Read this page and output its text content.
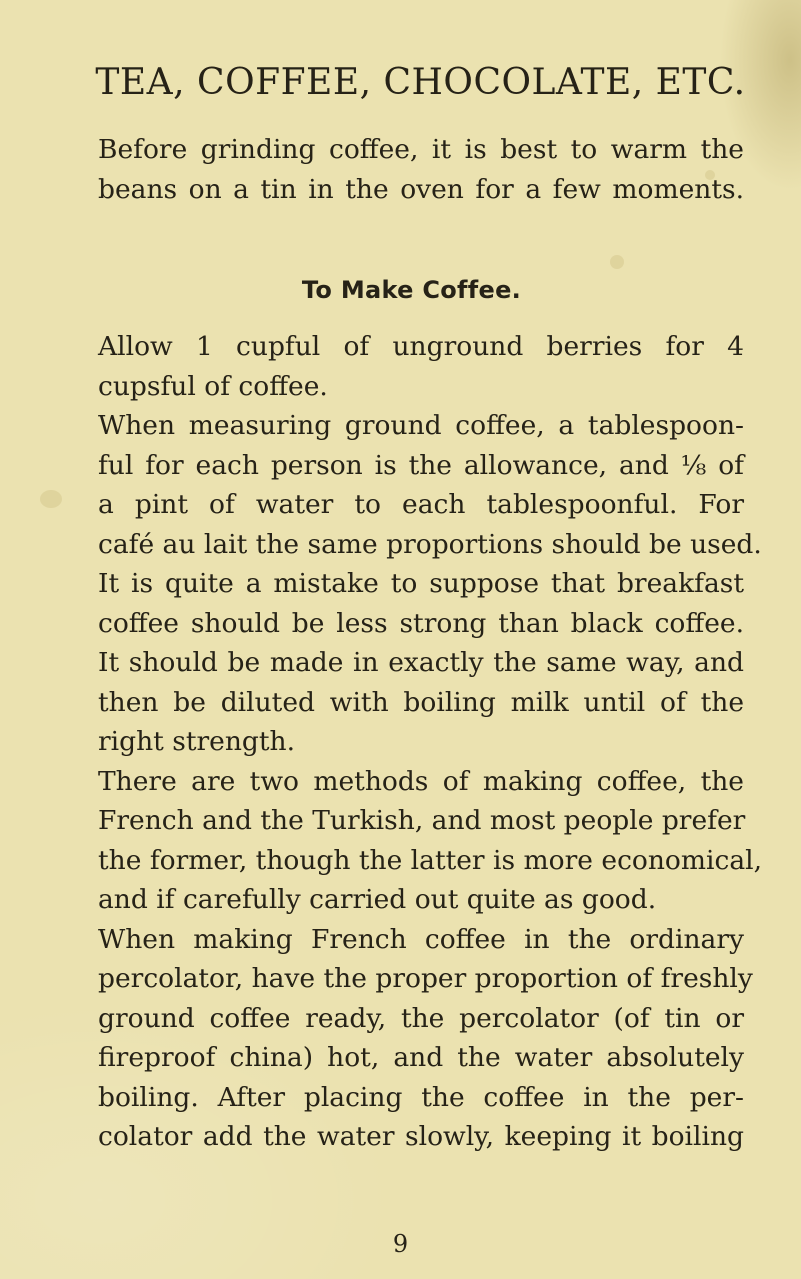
TEA, COFFEE, CHOCOLATE, ETC.

Before grinding coffee, it is best to warm the
beans on a tin in the oven for a few moments.

To Make Coffee.
Allow 1 cupful of unground berries for 4
cupsful of coffee.
When measuring ground coffee, a tablespoon-
ful for each person is the allowance, and ⅛ of
a pint of water to each tablespoonful. For
café au lait the same proportions should be used.
It is quite a mistake to suppose that breakfast
coffee should be less strong than black coffee.
It should be made in exactly the same way, and
then be diluted with boiling milk until of the
right strength.
There are two methods of making coffee, the
French and the Turkish, and most people prefer
the former, though the latter is more economical,
and if carefully carried out quite as good.
When making French coffee in the ordinary
percolator, have the proper proportion of freshly
ground coffee ready, the percolator (of tin or
fireproof china) hot, and the water absolutely
boiling. After placing the coffee in the per-
colator add the water slowly, keeping it boiling

9
